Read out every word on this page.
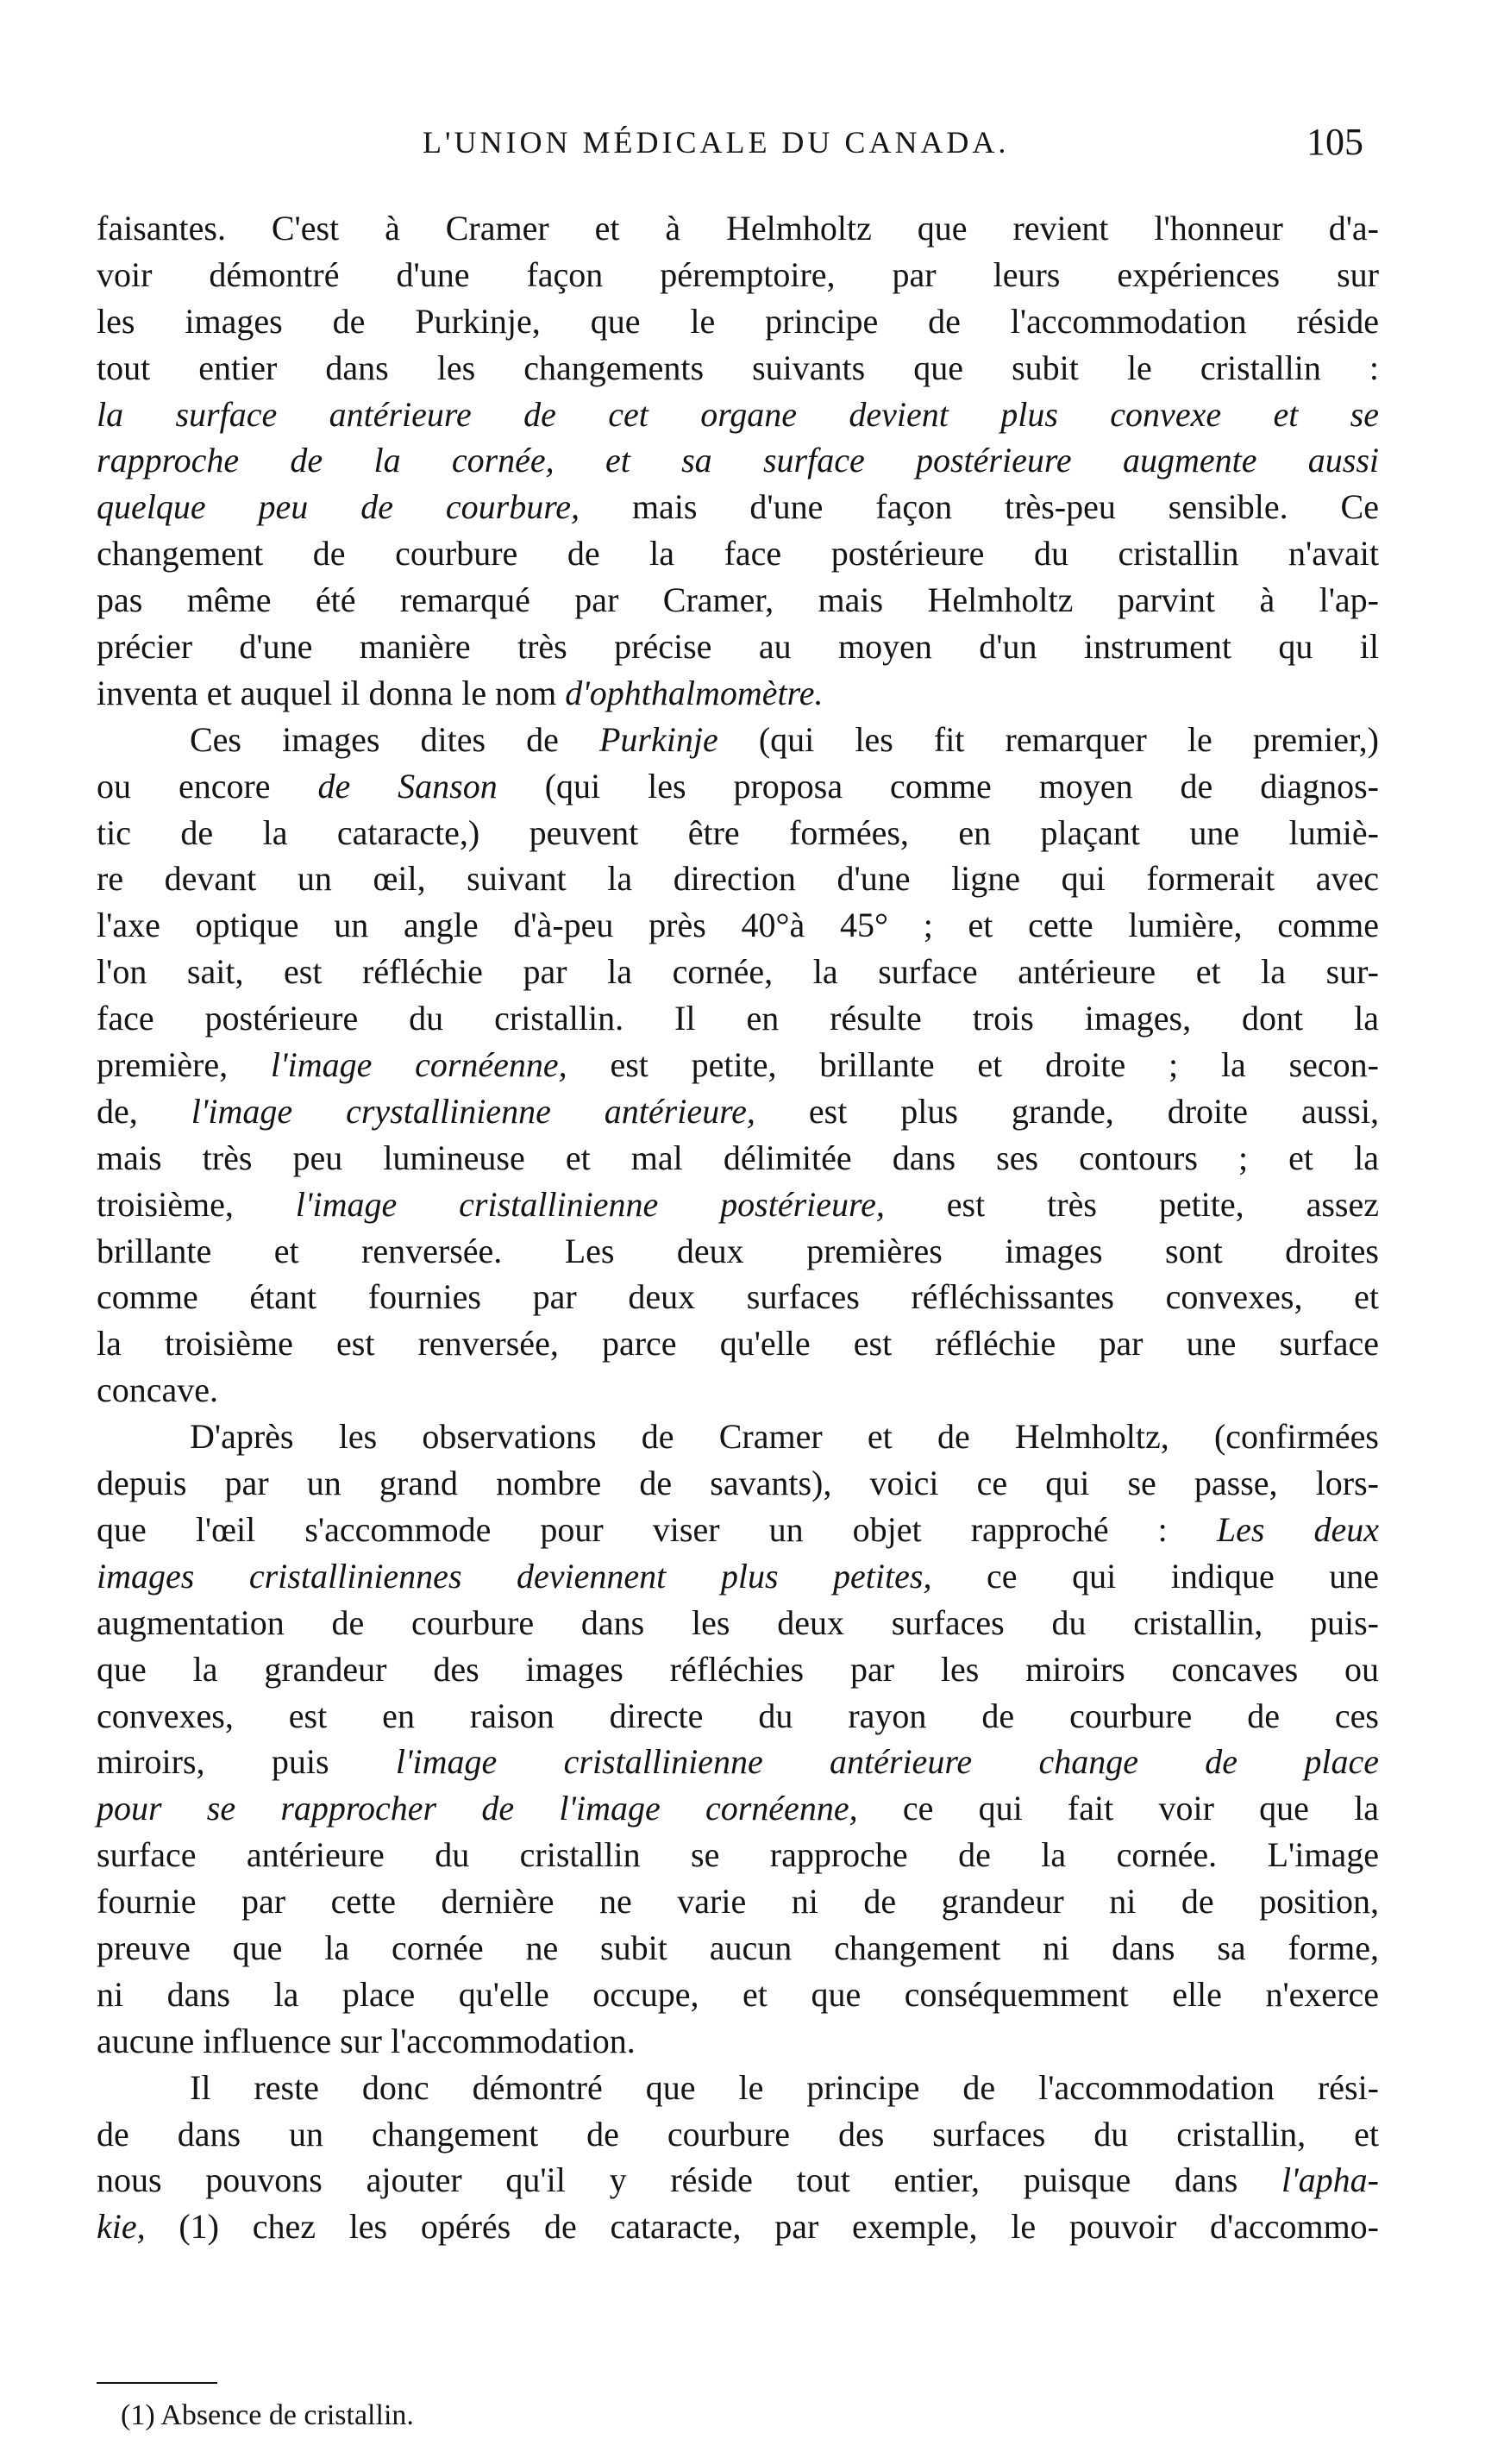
L'UNION MÉDICALE DU CANADA.	105
faisantes. C'est à Cramer et à Helmholtz que revient l'honneur d'a-
voir démontré d'une façon péremptoire, par leurs expériences sur
les images de Purkinje, que le principe de l'accommodation réside
tout entier dans les changements suivants que subit le cristallin :
la surface antérieure de cet organe devient plus convexe et se
rapproche de la cornée, et sa surface postérieure augmente aussi
quelque peu de courbure, mais d'une façon très-peu sensible. Ce
changement de courbure de la face postérieure du cristallin n'avait
pas même été remarqué par Cramer, mais Helmholtz parvint à l'ap-
précier d'une manière très précise au moyen d'un instrument qu il
inventa et auquel il donna le nom d'ophthalmomètre.
Ces images dites de Purkinje (qui les fit remarquer le premier,)
ou encore de Sanson (qui les proposa comme moyen de diagnos-
tic de la cataracte,) peuvent être formées, en plaçant une lumiè-
re devant un œil, suivant la direction d'une ligne qui formerait avec
l'axe optique un angle d'à-peu près 40°à 45° ; et cette lumière, comme
l'on sait, est réfléchie par la cornée, la surface antérieure et la sur-
face postérieure du cristallin. Il en résulte trois images, dont la
première, l'image cornéenne, est petite, brillante et droite ; la secon-
de, l'image crystallinienne antérieure, est plus grande, droite aussi,
mais très peu lumineuse et mal délimitée dans ses contours ; et la
troisième, l'image cristallinienne postérieure, est très petite, assez
brillante et renversée. Les deux premières images sont droites
comme étant fournies par deux surfaces réfléchissantes convexes, et
la troisième est renversée, parce qu'elle est réfléchie par une surface
concave.
D'après les observations de Cramer et de Helmholtz, (confirmées
depuis par un grand nombre de savants), voici ce qui se passe, lors-
que l'œil s'accommode pour viser un objet rapproché : Les deux
images cristalliniennes deviennent plus petites, ce qui indique une
augmentation de courbure dans les deux surfaces du cristallin, puis-
que la grandeur des images réfléchies par les miroirs concaves ou
convexes, est en raison directe du rayon de courbure de ces
miroirs, puis l'image cristallinienne antérieure change de place
pour se rapprocher de l'image cornéenne, ce qui fait voir que la
surface antérieure du cristallin se rapproche de la cornée. L'image
fournie par cette dernière ne varie ni de grandeur ni de position,
preuve que la cornée ne subit aucun changement ni dans sa forme,
ni dans la place qu'elle occupe, et que conséquemment elle n'exerce
aucune influence sur l'accommodation.
Il reste donc démontré que le principe de l'accommodation rési-
de dans un changement de courbure des surfaces du cristallin, et
nous pouvons ajouter qu'il y réside tout entier, puisque dans l'apha-
kie, (1) chez les opérés de cataracte, par exemple, le pouvoir d'accommo-
(1) Absence de cristallin.
